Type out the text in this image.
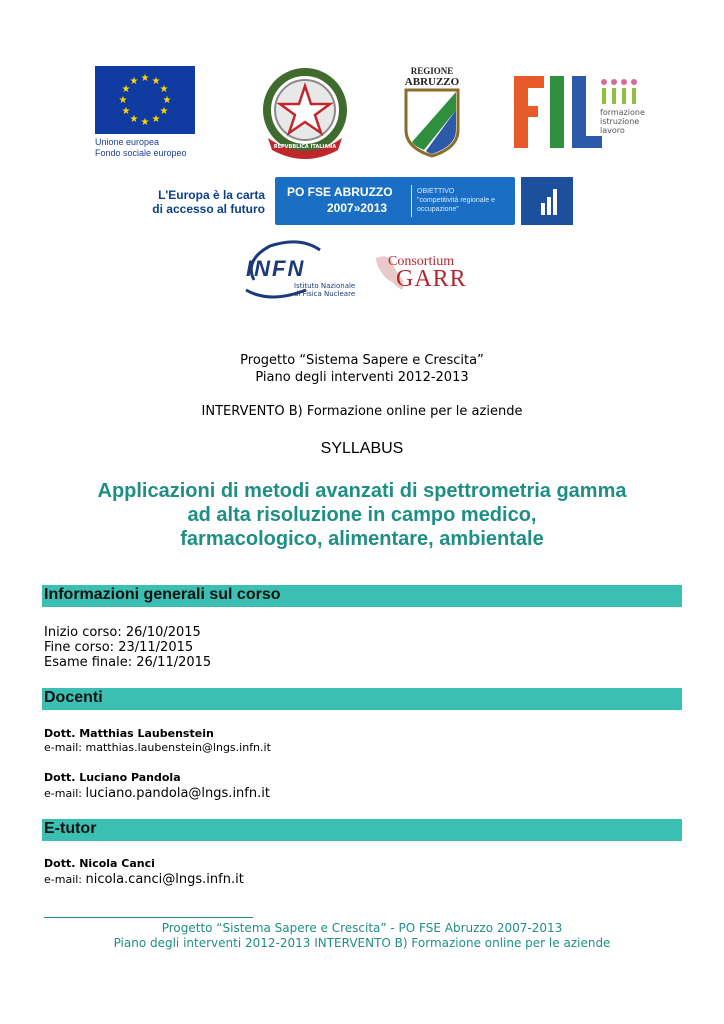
★ ★
★
★
★
★
★
★
★
★
★
★
Unione europea
Fondo sociale europeo
REPVBBLICA ITALIANA
REGIONE
ABRUZZO
formazione
istruzione
lavoro
L'Europa è la carta
di accesso al futuro
PO FSE ABRUZZO
2007»2013
OBIETTIVO
"competitività regionale e occupazione"
INFN
Istituto Nazionale
di Fisica Nucleare
Consortium
GARR
Progetto “Sistema Sapere e Crescita”
Piano degli interventi 2012-2013
INTERVENTO B) Formazione online per le aziende
SYLLABUS
Applicazioni di metodi avanzati di spettrometria gamma
ad alta risoluzione in campo medico,
farmacologico, alimentare, ambientale
Informazioni generali sul corso
Inizio corso: 26/10/2015
Fine corso: 23/11/2015
Esame finale: 26/11/2015
Docenti
Dott. Matthias Laubenstein
e-mail: matthias.laubenstein@lngs.infn.it
Dott. Luciano Pandola
e-mail: luciano.pandola@lngs.infn.it
E-tutor
Dott. Nicola Canci
e-mail: nicola.canci@lngs.infn.it
Progetto “Sistema Sapere e Crescita” - PO FSE Abruzzo 2007-2013
Piano degli interventi 2012-2013 INTERVENTO B) Formazione online per le aziende
